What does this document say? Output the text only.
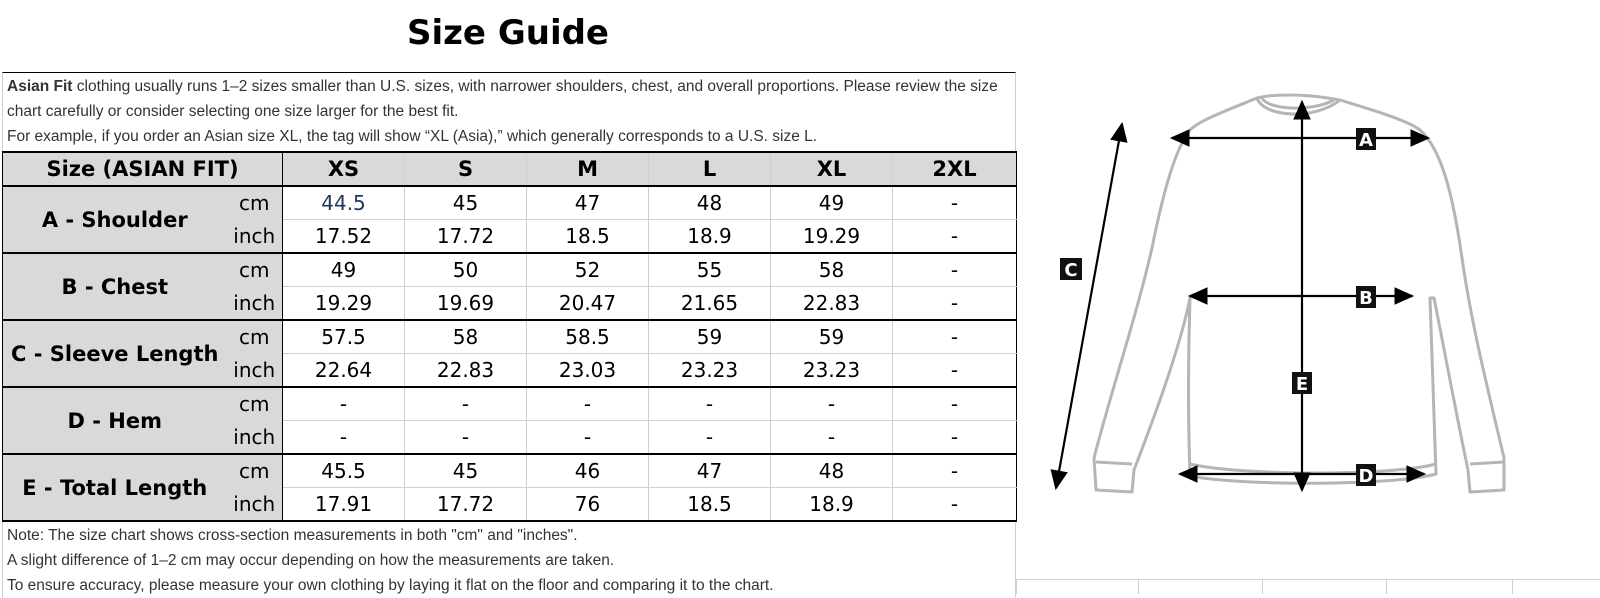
Size Guide
Asian Fit clothing usually runs 1–2 sizes smaller than U.S. sizes, with narrower shoulders, chest, and overall proportions. Please review the size chart carefully or consider selecting one size larger for the best fit.
For example, if you order an Asian size XL, the tag will show “XL (Asia),” which generally corresponds to a U.S. size L.
Size (ASIAN FIT)		XS	S	M	L	XL	2XL
A - Shoulder	cm	44.5	45	47	48	49	-
	inch	17.52	17.72	18.5	18.9	19.29	-
B - Chest	cm	49	50	52	55	58	-
	inch	19.29	19.69	20.47	21.65	22.83	-
C - Sleeve Length	cm	57.5	58	58.5	59	59	-
	inch	22.64	22.83	23.03	23.23	23.23	-
D - Hem	cm	-	-	-	-	-	-
	inch	-	-	-	-	-	-
E - Total Length	cm	45.5	45	46	47	48	-
	inch	17.91	17.72	76	18.5	18.9	-
Note: The size chart shows cross-section measurements in both "cm" and "inches".
A slight difference of 1–2 cm may occur depending on how the measurements are taken.
To ensure accuracy, please measure your own clothing by laying it flat on the floor and comparing it to the chart.
A
B
C
D
E
